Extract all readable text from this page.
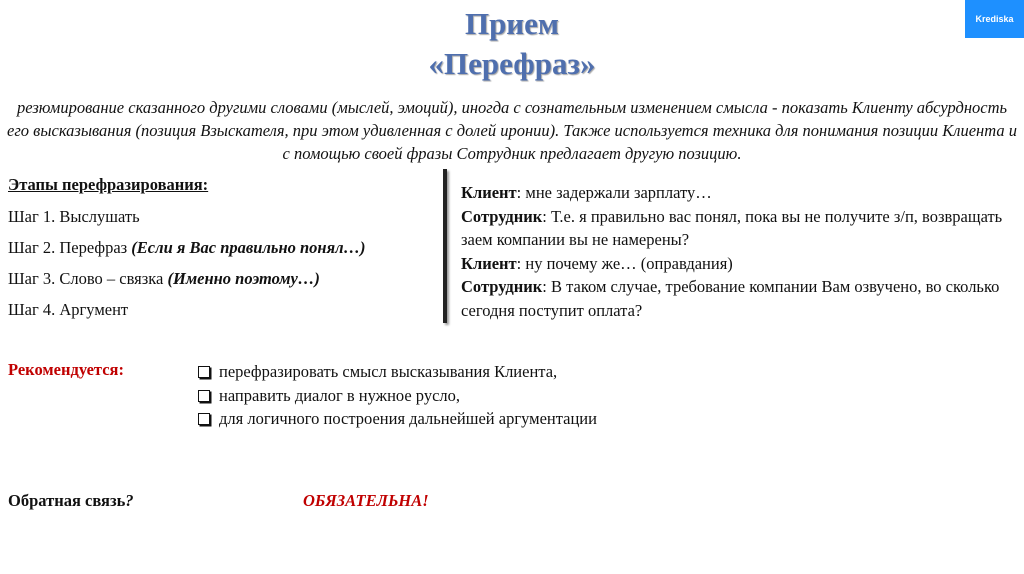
Прием
«Перефраз»
Krediska
резюмирование сказанного другими словами (мыслей, эмоций), иногда с сознательным изменением смысла - показать Клиенту абсурдность его высказывания (позиция Взыскателя, при этом удивленная с долей иронии). Также используется техника для понимания позиции Клиента и с помощью своей фразы Сотрудник предлагает другую позицию.
Этапы перефразирования:
Шаг 1. Выслушать
Шаг 2. Перефраз (Если я Вас правильно понял…)
Шаг 3. Слово – связка (Именно поэтому…)
Шаг 4. Аргумент
Клиент: мне задержали зарплату…
Сотрудник: Т.е. я правильно вас понял, пока вы не получите з/п, возвращать заем компании вы не намерены?
Клиент: ну почему же… (оправдания)
Сотрудник: В таком случае, требование компании Вам озвучено, во сколько сегодня поступит оплата?
Рекомендуется:	перефразировать смысл высказывания Клиента,
направить диалог в нужное русло,
для логичного построения дальнейшей аргументации
Обратная связь?	ОБЯЗАТЕЛЬНА!
